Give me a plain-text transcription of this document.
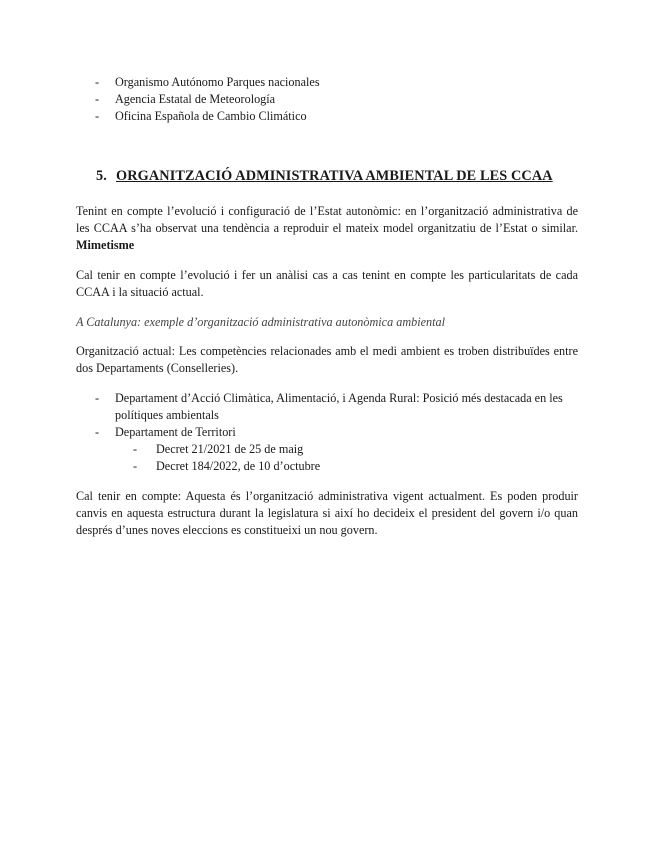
- Organismo Autónomo Parques nacionales
- Agencia Estatal de Meteorología
- Oficina Española de Cambio Climático
5. ORGANITZACIÓ ADMINISTRATIVA AMBIENTAL DE LES CCAA

Tenint en compte l’evolució i configuració de l’Estat autonòmic: en l’organització administrativa de les CCAA s’ha observat una tendència a reproduir el mateix model organitzatiu de l’Estat o similar. Mimetisme

Cal tenir en compte l’evolució i fer un anàlisi cas a cas tenint en compte les particularitats de cada CCAA i la situació actual.

A Catalunya: exemple d’organització administrativa autonòmica ambiental

Organització actual: Les competències relacionades amb el medi ambient es troben distribuïdes entre dos Departaments (Conselleries).

- Departament d’Acció Climàtica, Alimentació, i Agenda Rural: Posició més destacada en les polítiques ambientals
- Departament de Territori
- Decret 21/2021 de 25 de maig
- Decret 184/2022, de 10 d’octubre

Cal tenir en compte: Aquesta és l’organització administrativa vigent actualment. Es poden produir canvis en aquesta estructura durant la legislatura si així ho decideix el president del govern i/o quan després d’unes noves eleccions es constitueixi un nou govern.
